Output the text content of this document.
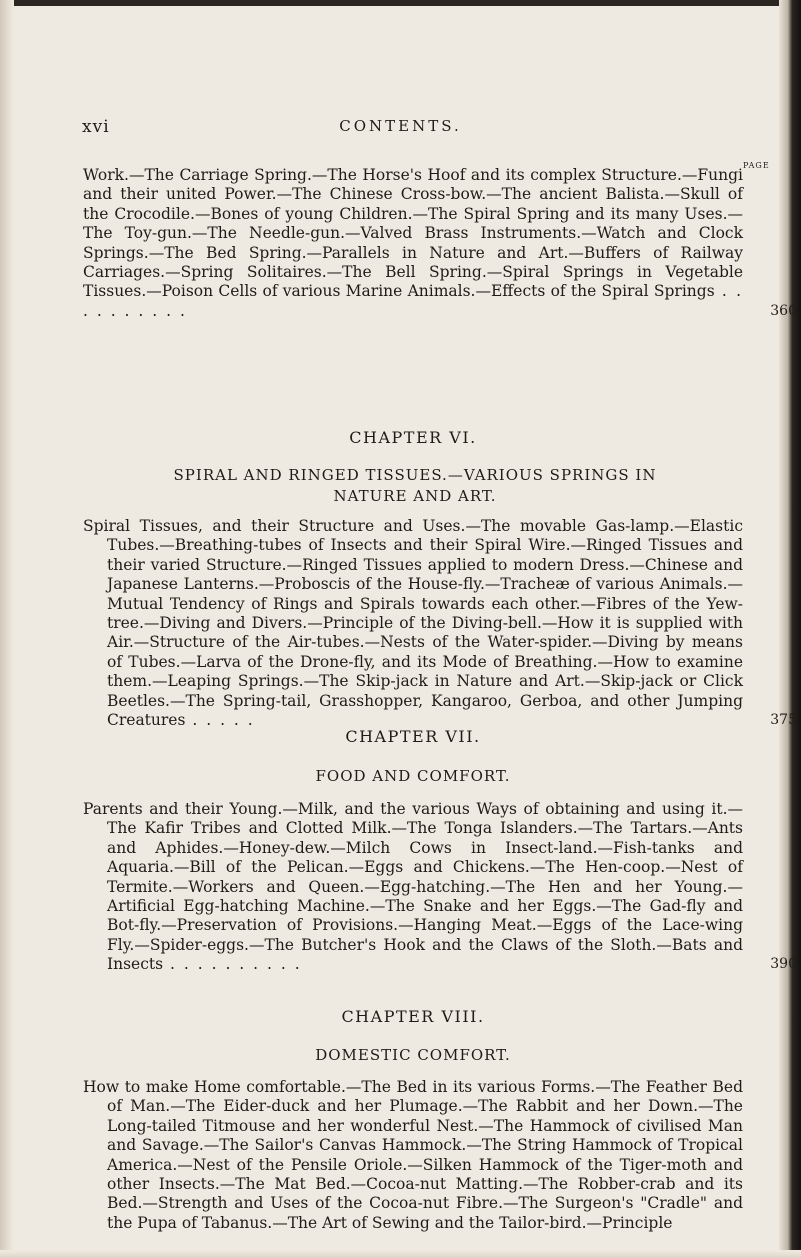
xvi	CONTENTS.
PAGE
Work.—The Carriage Spring.—The Horse's Hoof and its complex Structure.—Fungi and their united Power.—The Chinese Cross-bow.—The ancient Balista.—Skull of the Crocodile.—Bones of young Children.—The Spiral Spring and its many Uses.—The Toy-gun.—The Needle-gun.—Valved Brass Instruments.—Watch and Clock Springs.—The Bed Spring.—Parallels in Nature and Art.—Buffers of Railway Carriages.—Spring Solitaires.—The Bell Spring.—Spiral Springs in Vegetable Tissues.—Poison Cells of various Marine Animals.—Effects of the Spiral Springs . . . . . . . . . .	360

CHAPTER VI.

SPIRAL AND RINGED TISSUES.—VARIOUS SPRINGS IN NATURE AND ART.

Spiral Tissues, and their Structure and Uses.—The movable Gas-lamp.—Elastic Tubes.—Breathing-tubes of Insects and their Spiral Wire.—Ringed Tissues and their varied Structure.—Ringed Tissues applied to modern Dress.—Chinese and Japanese Lanterns.—Proboscis of the House-fly.—Tracheæ of various Animals.—Mutual Tendency of Rings and Spirals towards each other.—Fibres of the Yew-tree.—Diving and Divers.—Principle of the Diving-bell.—How it is supplied with Air.—Structure of the Air-tubes.—Nests of the Water-spider.—Diving by means of Tubes.—Larva of the Drone-fly, and its Mode of Breathing.—How to examine them.—Leaping Springs.—The Skip-jack in Nature and Art.—Skip-jack or Click Beetles.—The Spring-tail, Grasshopper, Kangaroo, Gerboa, and other Jumping Creatures . . . . .	375

CHAPTER VII.

FOOD AND COMFORT.

Parents and their Young.—Milk, and the various Ways of obtaining and using it.—The Kafir Tribes and Clotted Milk.—The Tonga Islanders.—The Tartars.—Ants and Aphides.—Honey-dew.—Milch Cows in Insect-land.—Fish-tanks and Aquaria.—Bill of the Pelican.—Eggs and Chickens.—The Hen-coop.—Nest of Termite.—Workers and Queen.—Egg-hatching.—The Hen and her Young.—Artificial Egg-hatching Machine.—The Snake and her Eggs.—The Gad-fly and Bot-fly.—Preservation of Provisions.—Hanging Meat.—Eggs of the Lace-wing Fly.—Spider-eggs.—The Butcher's Hook and the Claws of the Sloth.—Bats and Insects . . . . . . . . . .	390

CHAPTER VIII.

DOMESTIC COMFORT.

How to make Home comfortable.—The Bed in its various Forms.—The Feather Bed of Man.—The Eider-duck and her Plumage.—The Rabbit and her Down.—The Long-tailed Titmouse and her wonderful Nest.—The Hammock of civilised Man and Savage.—The Sailor's Canvas Hammock.—The String Hammock of Tropical America.—Nest of the Pensile Oriole.—Silken Hammock of the Tiger-moth and other Insects.—The Mat Bed.—Cocoa-nut Matting.—The Robber-crab and its Bed.—Strength and Uses of the Cocoa-nut Fibre.—The Surgeon's "Cradle" and the Pupa of Tabanus.—The Art of Sewing and the Tailor-bird.—Principle
